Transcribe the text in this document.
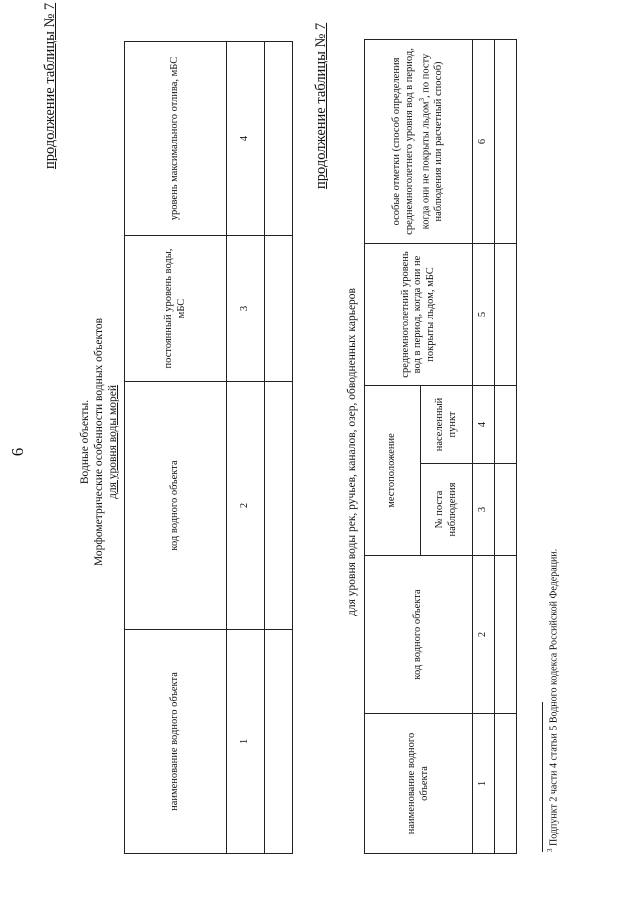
6
продолжение таблицы № 7
Водные объекты. Морфометрические особенности водных объектов для уровня воды морей
наименование водного объекта	код водного объекта	постоянный уровень воды, мБС	уровень максимального отлива, мБС
1	2	3	4
				продолжение таблицы № 7
для уровня воды рек, ручьев, каналов, озер, обводненных карьеров
наименование водного объекта	код водного объекта	местоположение		среднемноголетний уровень вод в период, когда они не покрыты льдом, мБС	особые отметки (способ определения среднемноголетнего уровня вод в период, когда они не покрыты льдом$^3$, по посту наблюдения или расчетный способ)
		№ поста наблюдения	населенный пункт		
1	2	3	4	5	6

$^3$ Подпункт 2 части 4 статьи 5 Водного кодекса Российской Федерации.
